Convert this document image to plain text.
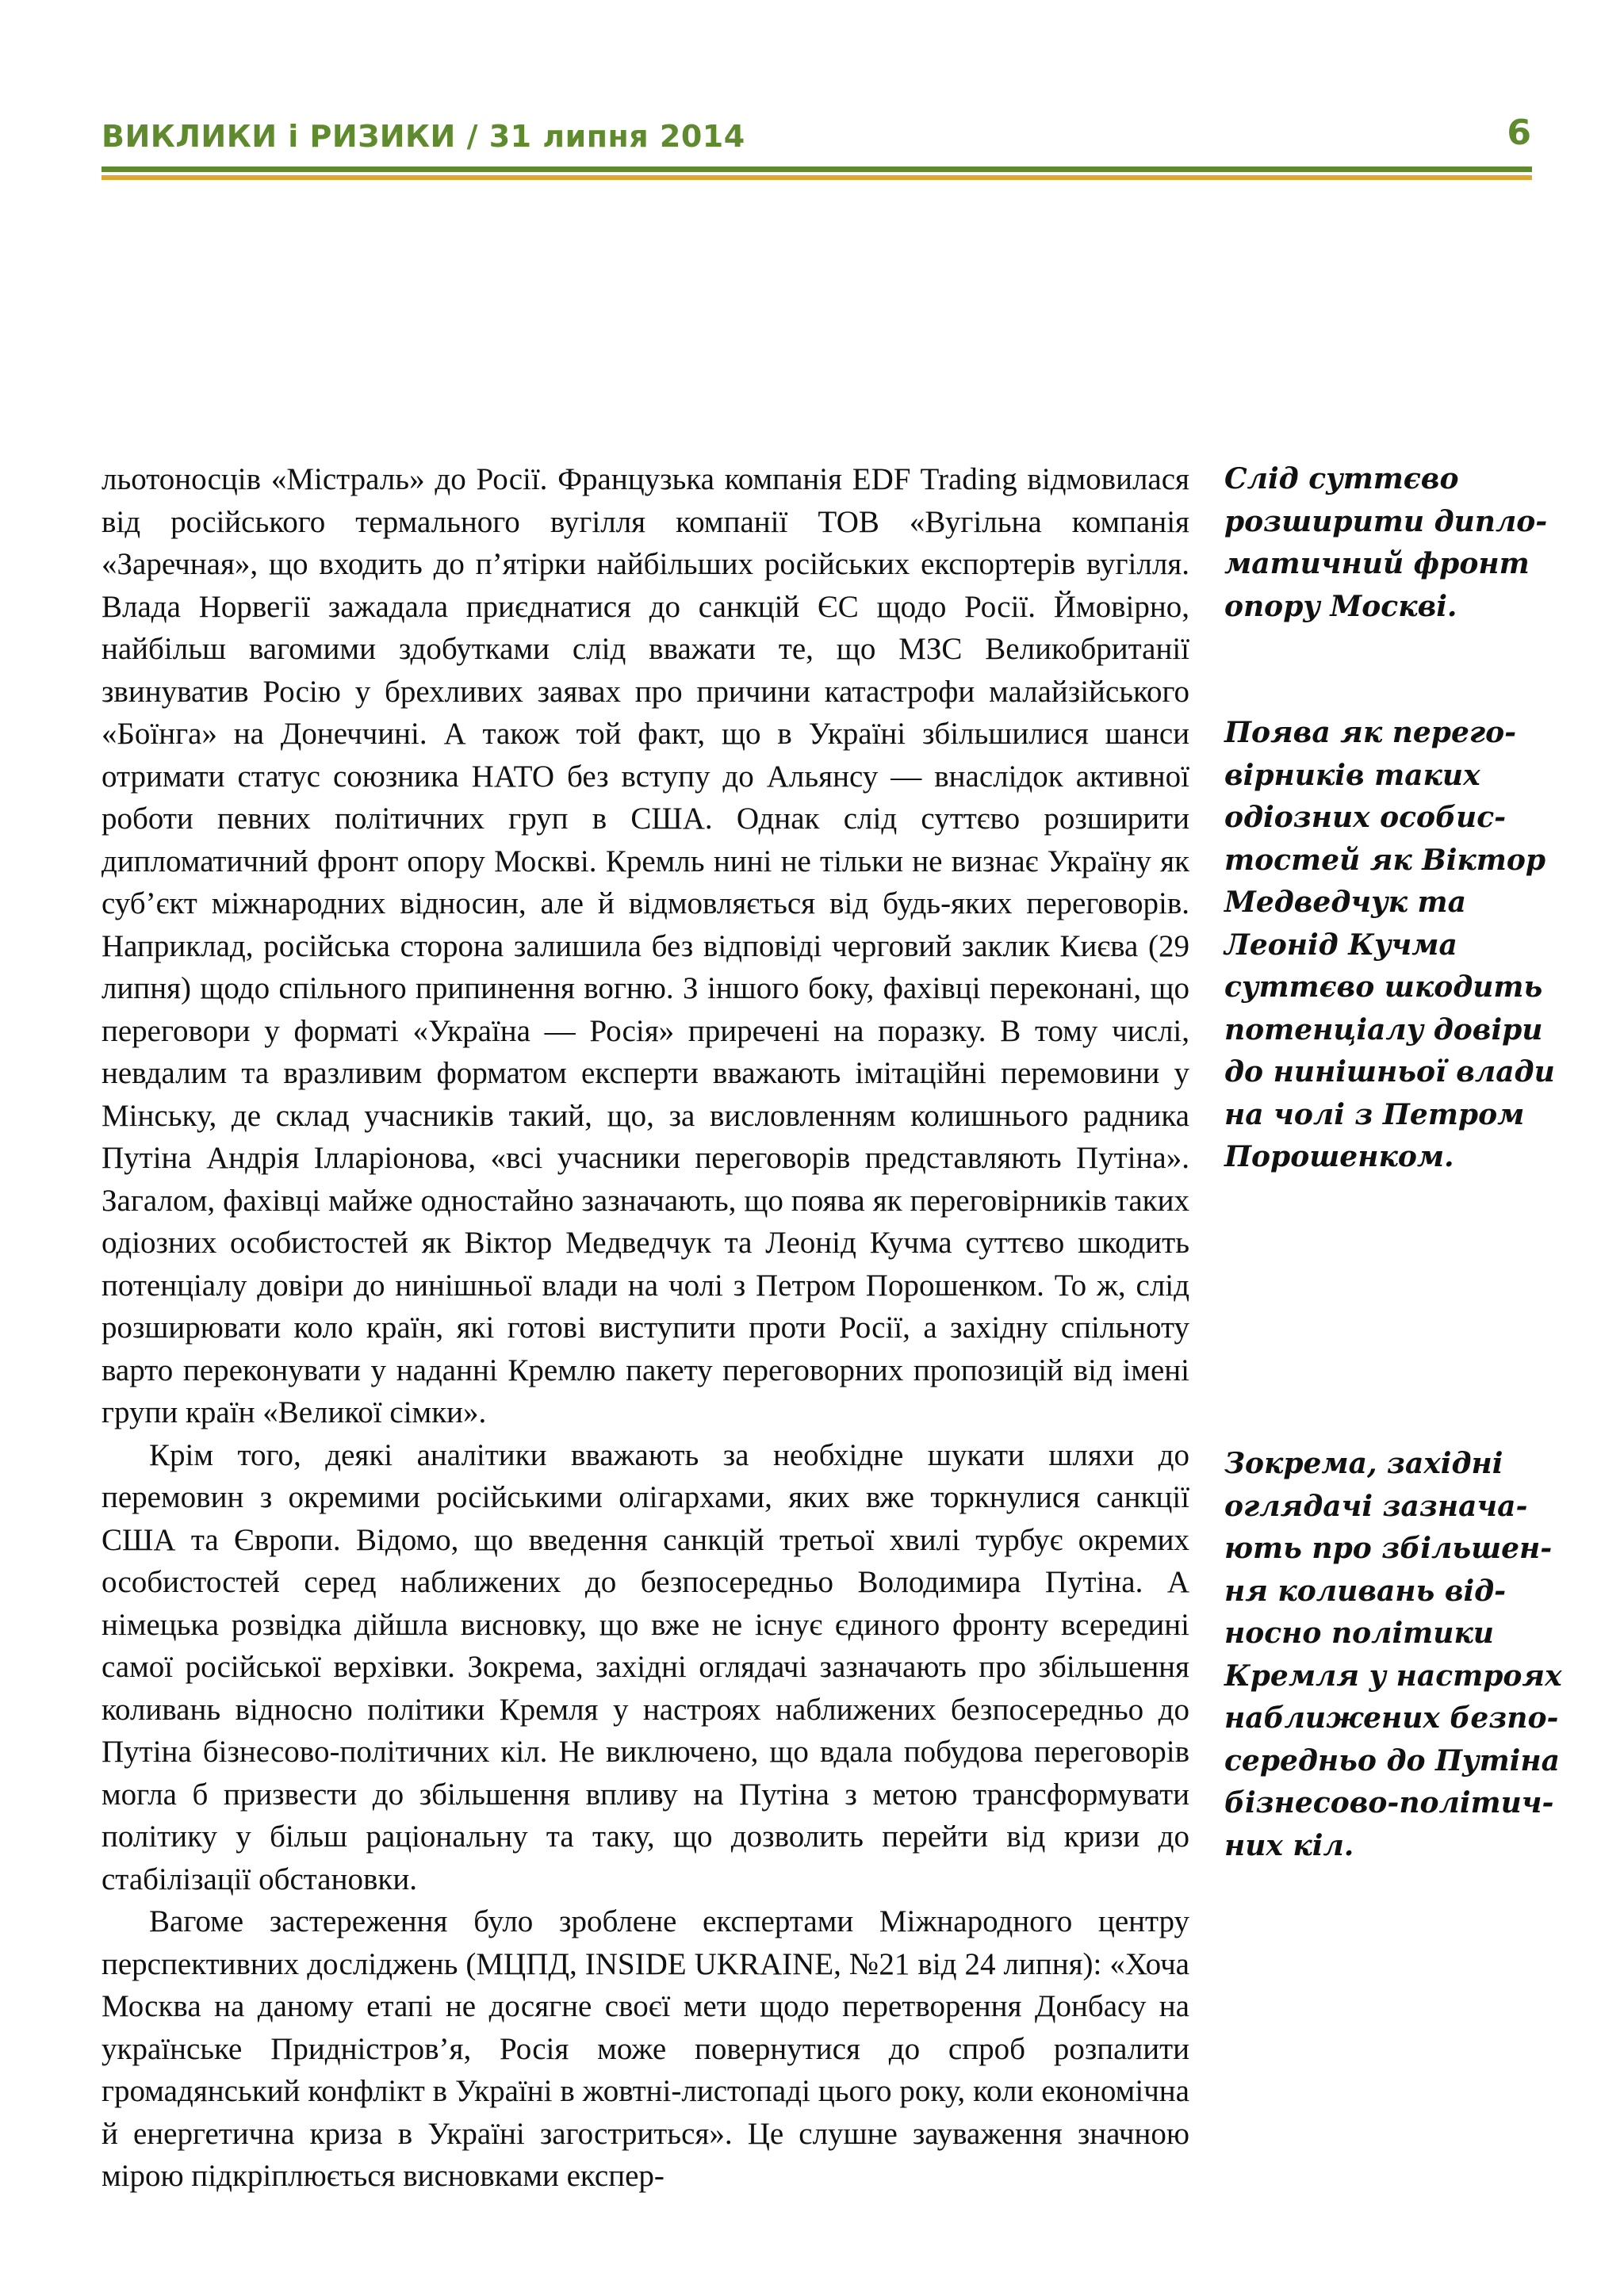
ВИКЛИКИ і РИЗИКИ / 31 липня 2014	6

льотоносців «Містраль» до Росії. Французька компанія EDF Trading відмовилася від російського термального вугілля компанії ТОВ «Вугільна компанія «Заречная», що входить до п’ятірки найбільших російських експортерів вугілля. Влада Норвегії зажадала приєднатися до санкцій ЄС щодо Росії. Ймовірно, найбільш вагомими здобутками слід вважати те, що МЗС Великобританії звинуватив Росію у брехливих заявах про причини катастрофи малайзійського «Боїнга» на Донеччині. А також той факт, що в Україні збільшилися шанси отримати статус союзника НАТО без вступу до Альянсу — внаслідок активної роботи певних політичних груп в США. Однак слід суттєво розширити дипломатичний фронт опору Москві. Кремль нині не тільки не визнає Україну як суб’єкт міжнародних відносин, але й відмовляється від будь-яких переговорів. Наприклад, російська сторона залишила без відповіді черговий заклик Києва (29 липня) щодо спільного припинення вогню. З іншого боку, фахівці переконані, що переговори у форматі «Україна — Росія» приречені на поразку. В тому числі, невдалим та вразливим форматом експерти вважають імітаційні перемовини у Мінську, де склад учасників такий, що, за висловленням колишнього радника Путіна Андрія Ілларіонова, «всі учасники переговорів представляють Путіна». Загалом, фахівці майже одностайно зазначають, що поява як переговірників таких одіозних особистостей як Віктор Медведчук та Леонід Кучма суттєво шкодить потенціалу довіри до нинішньої влади на чолі з Петром Порошенком. То ж, слід розширювати коло країн, які готові виступити проти Росії, а західну спільноту варто переконувати у наданні Кремлю пакету переговорних пропозицій від імені групи країн «Великої сімки».

Крім того, деякі аналітики вважають за необхідне шукати шляхи до перемовин з окремими російськими олігархами, яких вже торкнулися санкції США та Європи. Відомо, що введення санкцій третьої хвилі турбує окремих особистостей серед наближених до безпосередньо Володимира Путіна. А німецька розвідка дійшла висновку, що вже не існує єдиного фронту всередині самої російської верхівки. Зокрема, західні оглядачі зазначають про збільшення коливань відносно політики Кремля у настроях наближених безпосередньо до Путіна бізнесово-політичних кіл. Не виключено, що вдала побудова переговорів могла б призвести до збільшення впливу на Путіна з метою трансформувати політику у більш раціональну та таку, що дозволить перейти від кризи до стабілізації обстановки.

Вагоме застереження було зроблене експертами Міжнародного центру перспективних досліджень (МЦПД, INSIDE UKRAINE, №21 від 24 липня): «Хоча Москва на даному етапі не досягне своєї мети щодо перетворення Донбасу на українське Придністров’я, Росія може повернутися до спроб розпалити громадянський конфлікт в Україні в жовтні-листопаді цього року, коли економічна й енергетична криза в Україні загостриться». Це слушне зауваження значною мірою підкріплюється висновками експер-

Слід суттєво
розширити дипло-
матичний фронт
опору Москві.
Поява як перего-
вірників таких
одіозних особис-
тостей як Віктор
Медведчук та
Леонід Кучма
суттєво шкодить
потенціалу довіри
до нинішньої влади
на чолі з Петром
Порошенком.
Зокрема, західні
оглядачі зазнача-
ють про збільшен-
ня коливань від-
носно політики
Кремля у настроях
наближених безпо-
середньо до Путіна
бізнесово-політич-
них кіл.
